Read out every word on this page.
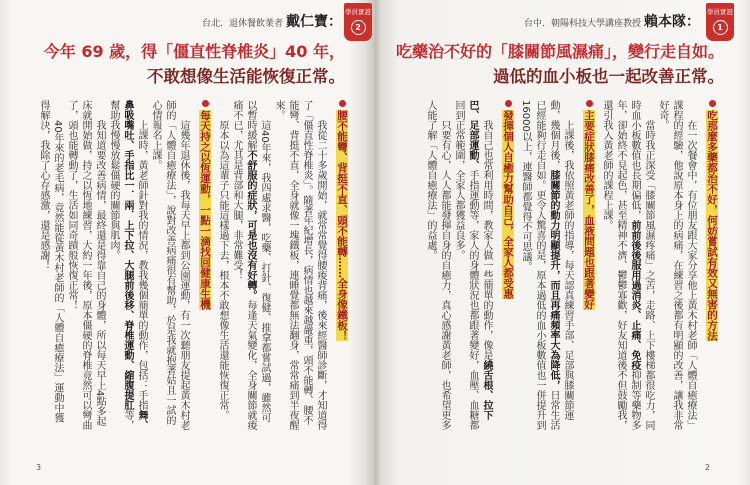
台北．退休餐飲業者 戴仁寶：
學員實證
2
今年 69 歲，得「僵直性脊椎炎」40 年，
不敢想像生活能恢復正常。
腰不能彎、背挺不直、頭不能轉……全身像鐵板！

我從二十多歲開始，就常常覺得腰痠背痛，後來經醫師診斷，才知道得了「僵直性脊椎炎」。隨著年紀增長，病情也越來越嚴重，頭不能轉、腰不能彎、背挺不直，全身就像一塊鐵板，連睡覺都無法翻身，常常痛到半夜醒來。

這40年來，我四處求醫，吃藥、打針、復健、推拿都嘗試過，雖然可以暫時緩解不舒服的症狀，可是也沒有好轉。每逢天氣變化，全身關節就痠痛不已，尤其是背部和大腿，非常難受！

原本以為這輩子只能這樣過下去，根本不敢想像生活還能恢復正常。

每天持之以恆運動，一點一滴找回健康生機

這幾年退休後，我每天早上都到公園運動，有一次聽朋友提起黃木村老師的「人體自癒療法」，說對改善病痛很有幫助，於是我就抱著姑且一試的心情報名上課。

上課時，黃老師針對我的情況，教我幾個簡單的動作，包括：手指舞、鼻吸嘴吐、手指比一．兩．上下拉、大腿前後移、脊椎運動、縮腹提肛等，幫助我慢慢放鬆僵硬的關節與肌肉。

我知道要改善病情，最終還是得靠自己的身體，所以每天早上4點多起床就開始做，持之以恆地練習，大約一年後，原本僵硬的脊椎竟然可以彎曲了，頭也能轉動了，生活如同奇蹟般恢復正常！

40年來的老毛病，竟然能從黃木村老師的「人體自癒療法」運動中獲得解決，我除了心存感激，還是感謝！

3
台中．朝陽科技大學講座教授 賴本隊：
學員實證
1
吃藥治不好的「膝關節風濕痛」，變行走自如。
過低的血小板也一起改善正常。
吃那麼多藥都治不好，何妨嘗試有效又無害的方法

在一次餐會中，有位朋友跟大家分享他上黃木村老師「人體自癒療法」課程的經驗，他說原本身上的病痛，在練習之後都有明顯的改善，讓我非常好奇。

當時我正深受「膝關節風濕疼痛」之苦，走路、上下樓梯都很吃力，同時血小板數值也長期偏低，前前後後服用過消炎、止痛、免疫抑制等藥物多年，卻始終不見起色，甚至精神不濟、鬱鬱寡歡，好友知道後不但鼓勵我，還引我入黃老師的課程上課。

主要症狀膝痛改善了，血液問題也跟著變好

上課後，我依照黃老師的指導，每天認真練習手部、足部與膝關節運動，幾個月後，膝關節的動力明顯提升，而且再痛頻率大為降低，日常生活已經能夠行走自如。更令人驚喜的是，原本過低的血小板數值也一併提升到16000以上，連醫師都覺得不可思議。

發揮個人自癒力幫助自己，全家人都受惠

我自己也常利用時間，教家人做一些簡單的動作，像是繞舌根、拉下巴、足部運動、手指運動等，家人的身體狀況也都跟著變好，血壓、血糖都回到正常範圍，全家人都獲益良多。

只要有心，人人都能發揮自身的自癒力，真心感謝黃老師，也希望更多人能了解「人體自癒療法」的益處。

2
